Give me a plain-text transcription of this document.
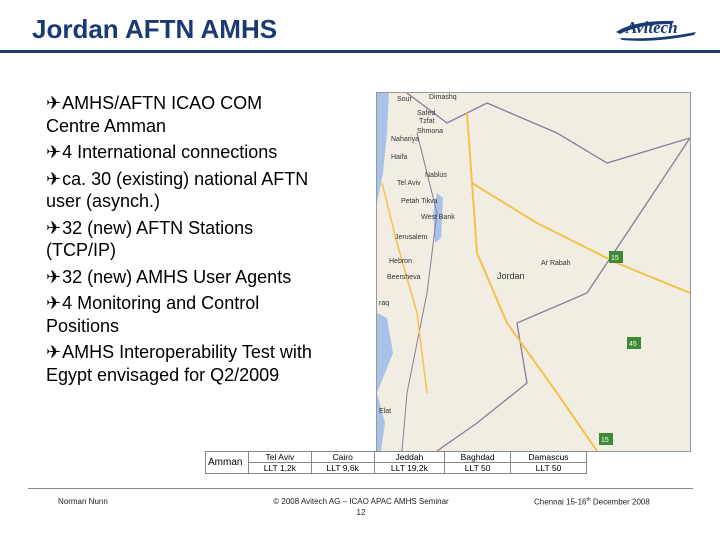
Jordan AFTN AMHS	Avitech
✈AMHS/AFTN ICAO COM Centre Amman
✈4 International connections
✈ca. 30 (existing) national AFTN user (asynch.)
✈32 (new) AFTN Stations (TCP/IP)
✈32 (new) AMHS User Agents
✈4 Monitoring and Control Positions
✈AMHS Interoperability Test with Egypt envisaged for Q2/2009
15
45
15
Dimashq
Sour
Safed
Tzfat
Shmona
Nahariya
Haifa
Nablus
West Bank
Tel Aviv
Petah Tikva
Jerusalem
Hebron
Beersheva	Jordan
Ar Rabah
raq
Elat
Amman	Tel Aviv	Cairo	Jeddah	Baghdad	Damascus
	LLT 1,2k	LLT 9,6k	LLT 19,2k	LLT 50	LLT 50
Norman Nunn	© 2008 Avitech AG – ICAO APAC AMHS Seminar
12
Chennai 15-16th December 2008
